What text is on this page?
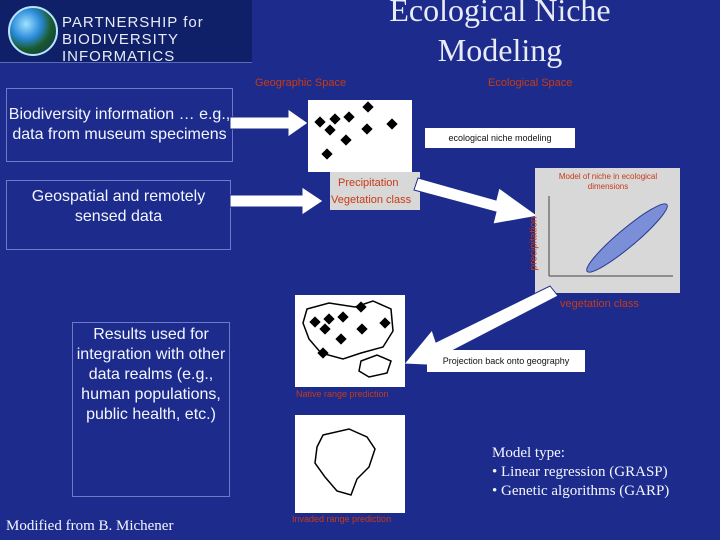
PARTNERSHIP for
BIODIVERSITY INFORMATICS
Ecological Niche
Modeling
Geographic Space	Ecological Space
Biodiversity information … e.g., data from museum specimens
Geospatial and remotely sensed data
Results used for integration with other data realms (e.g., human populations, public health, etc.)
Precipitation
Vegetation class
ecological niche modeling
Model of niche in ecological dimensions
precipitation
vegetation class
Projection back onto geography
Native range prediction
Invaded range prediction
Model type:
• Linear regression (GRASP)
• Genetic algorithms (GARP)
Modified from B. Michener
